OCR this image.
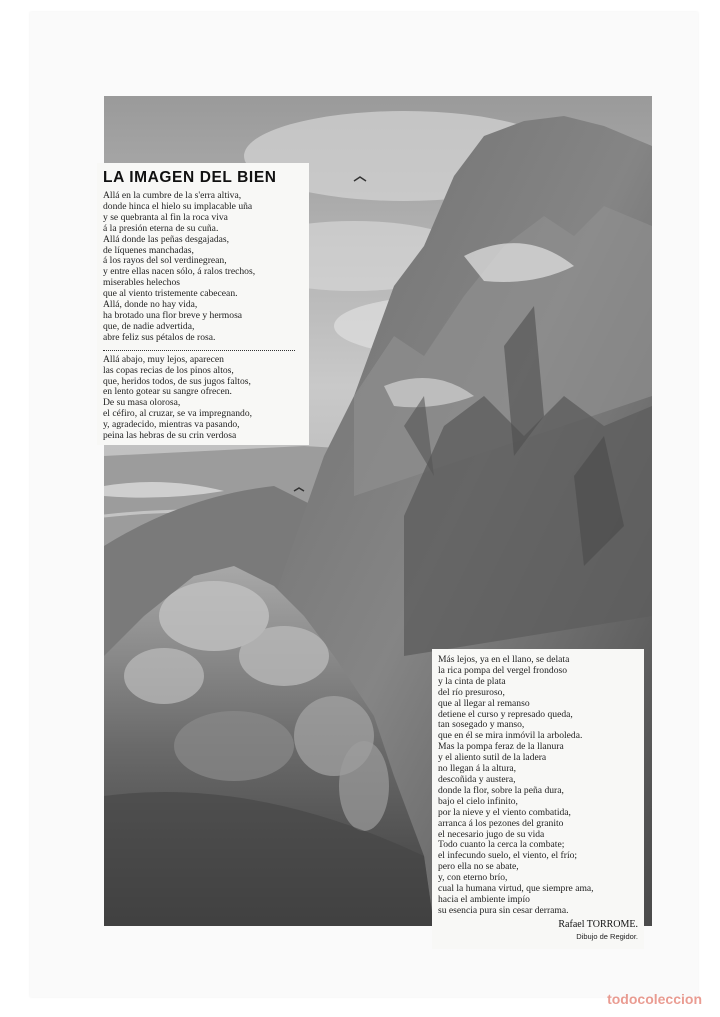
LA IMAGEN DEL BIEN
Allá en la cumbre de la s'erra altiva,
donde hinca el hielo su implacable uña
y se quebranta al fin la roca viva
á la presión eterna de su cuña.
Allá donde las peñas desgajadas,
de líquenes manchadas,
á los rayos del sol verdinegrean,
y entre ellas nacen sólo, á ralos trechos,
miserables helechos
que al viento tristemente cabecean.
Allá, donde no hay vida,
ha brotado una flor breve y hermosa
que, de nadie advertida,
abre feliz sus pétalos de rosa.
Allá abajo, muy lejos, aparecen
las copas recias de los pinos altos,
que, heridos todos, de sus jugos faltos,
en lento gotear su sangre ofrecen.
De su masa olorosa,
el céfiro, al cruzar, se va impregnando,
y, agradecido, mientras va pasando,
peina las hebras de su crin verdosa
Más lejos, ya en el llano, se delata
la rica pompa del vergel frondoso
y la cinta de plata
del río presuroso,
que al llegar al remanso
detiene el curso y represado queda,
tan sosegado y manso,
que en él se mira inmóvil la arboleda.
Mas la pompa feraz de la llanura
y el aliento sutil de la ladera
no llegan á la altura,
descoñida y austera,
donde la flor, sobre la peña dura,
bajo el cielo infinito,
por la nieve y el viento combatida,
arranca á los pezones del granito
el necesario jugo de su vida
Todo cuanto la cerca la combate;
el infecundo suelo, el viento, el frío;
pero ella no se abate,
y, con eterno brío,
cual la humana virtud, que siempre ama,
hacia el ambiente impío
su esencia pura sin cesar derrama.
Rafael TORROME.
Dibujo de Regidor.
todocoleccion
